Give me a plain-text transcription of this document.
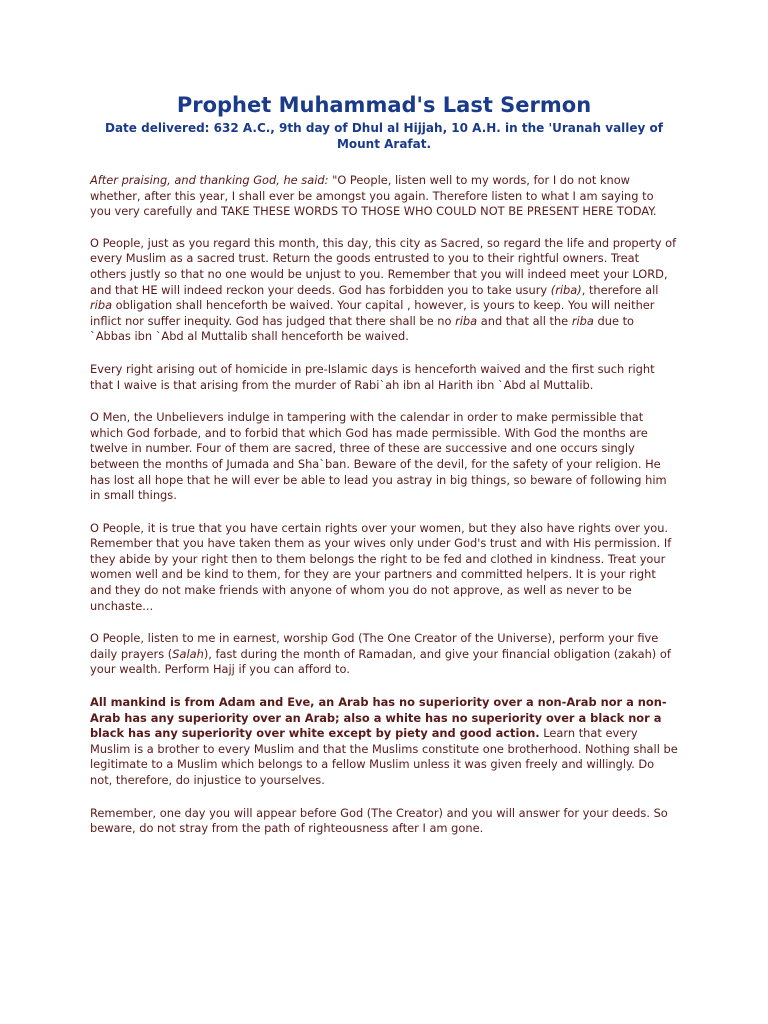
Prophet Muhammad's Last Sermon
Date delivered: 632 A.C., 9th day of Dhul al Hijjah, 10 A.H. in the 'Uranah valley of Mount Arafat.

After praising, and thanking God, he said: "O People, listen well to my words, for I do not know whether, after this year, I shall ever be amongst you again. Therefore listen to what I am saying to you very carefully and TAKE THESE WORDS TO THOSE WHO COULD NOT BE PRESENT HERE TODAY.

O People, just as you regard this month, this day, this city as Sacred, so regard the life and property of every Muslim as a sacred trust. Return the goods entrusted to you to their rightful owners. Treat others justly so that no one would be unjust to you. Remember that you will indeed meet your LORD, and that HE will indeed reckon your deeds. God has forbidden you to take usury (riba), therefore all riba obligation shall henceforth be waived. Your capital , however, is yours to keep. You will neither inflict nor suffer inequity. God has judged that there shall be no riba and that all the riba due to `Abbas ibn `Abd al Muttalib shall henceforth be waived.

Every right arising out of homicide in pre-Islamic days is henceforth waived and the first such right that I waive is that arising from the murder of Rabi`ah ibn al Harith ibn `Abd al Muttalib.

O Men, the Unbelievers indulge in tampering with the calendar in order to make permissible that which God forbade, and to forbid that which God has made permissible. With God the months are twelve in number. Four of them are sacred, three of these are successive and one occurs singly between the months of Jumada and Sha`ban. Beware of the devil, for the safety of your religion. He has lost all hope that he will ever be able to lead you astray in big things, so beware of following him in small things.

O People, it is true that you have certain rights over your women, but they also have rights over you. Remember that you have taken them as your wives only under God's trust and with His permission. If they abide by your right then to them belongs the right to be fed and clothed in kindness. Treat your women well and be kind to them, for they are your partners and committed helpers. It is your right and they do not make friends with anyone of whom you do not approve, as well as never to be unchaste...

O People, listen to me in earnest, worship God (The One Creator of the Universe), perform your five daily prayers (Salah), fast during the month of Ramadan, and give your financial obligation (zakah) of your wealth. Perform Hajj if you can afford to.

All mankind is from Adam and Eve, an Arab has no superiority over a non-Arab nor a non-Arab has any superiority over an Arab; also a white has no superiority over a black nor a black has any superiority over white except by piety and good action. Learn that every Muslim is a brother to every Muslim and that the Muslims constitute one brotherhood. Nothing shall be legitimate to a Muslim which belongs to a fellow Muslim unless it was given freely and willingly. Do not, therefore, do injustice to yourselves.

Remember, one day you will appear before God (The Creator) and you will answer for your deeds. So beware, do not stray from the path of righteousness after I am gone.
